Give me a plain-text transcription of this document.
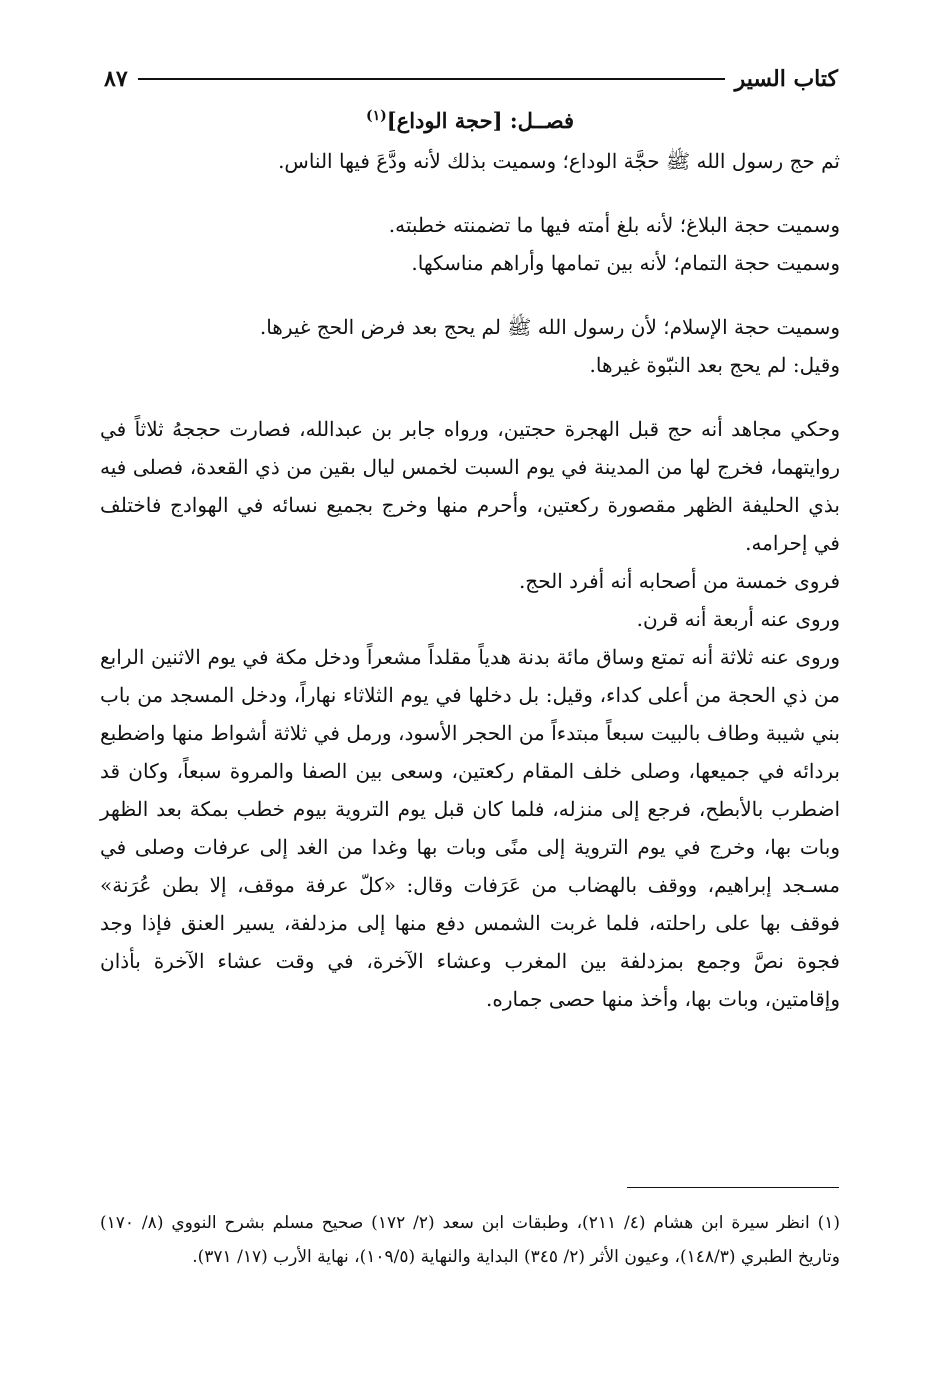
كتاب السير
٨٧

فصــل: [حجة الوداع]$^{(١)}$

ثم حج رسول الله ﷺ حجَّة الوداع؛ وسميت بذلك لأنه ودَّعَ فيها الناس.

وسميت حجة البلاغ؛ لأنه بلغ أمته فيها ما تضمنته خطبته.

وسميت حجة التمام؛ لأنه بين تمامها وأراهم مناسكها.

وسميت حجة الإسلام؛ لأن رسول الله ﷺ لم يحج بعد فرض الحج غيرها.

وقيل: لم يحج بعد النبّوة غيرها.

وحكي مجاهد أنه حج قبل الهجرة حجتين، ورواه جابر بن عبدالله، فصارت حججهُ ثلاثاً في روايتهما، فخرج لها من المدينة في يوم السبت لخمس ليال بقين من ذي القعدة، فصلى فيه بذي الحليفة الظهر مقصورة ركعتين، وأحرم منها وخرج بجميع نسائه في الهوادج فاختلف في إحرامه.

فروى خمسة من أصحابه أنه أفرد الحج.

وروى عنه أربعة أنه قرن.

وروى عنه ثلاثة أنه تمتع وساق مائة بدنة هدياً مقلداً مشعراً ودخل مكة في يوم الاثنين الرابع من ذي الحجة من أعلى كداء، وقيل: بل دخلها في يوم الثلاثاء نهاراً، ودخل المسجد من باب بني شيبة وطاف بالبيت سبعاً مبتدءاً من الحجر الأسود، ورمل في ثلاثة أشواط منها واضطبع بردائه في جميعها، وصلى خلف المقام ركعتين، وسعى بين الصفا والمروة سبعاً، وكان قد اضطرب بالأبطح، فرجع إلى منزله، فلما كان قبل يوم التروية بيوم خطب بمكة بعد الظهر وبات بها، وخرج في يوم التروية إلى منًى وبات بها وغدا من الغد إلى عرفات وصلى في مسـجد إبراهيم، ووقف بالهضاب من عَرَفات وقال: «كلّ عرفة موقف، إلا بطن عُرَنة» فوقف بها على راحلته، فلما غربت الشمس دفع منها إلى مزدلفة، يسير العنق فإذا وجد فجوة نصَّ وجمع بمزدلفة بين المغرب وعشاء الآخرة، في وقت عشاء الآخرة بأذان وإقامتين، وبات بها، وأخذ منها حصى جماره.

(١) انظر سيرة ابن هشام (٤/ ٢١١)، وطبقات ابن سعد (٢/ ١٧٢) صحيح مسلم بشرح النووي (٨/ ١٧٠) وتاريخ الطبري (١٤٨/٣)، وعيون الأثر (٢/ ٣٤٥) البداية والنهاية (١٠٩/٥)، نهاية الأرب (١٧/ ٣٧١).
